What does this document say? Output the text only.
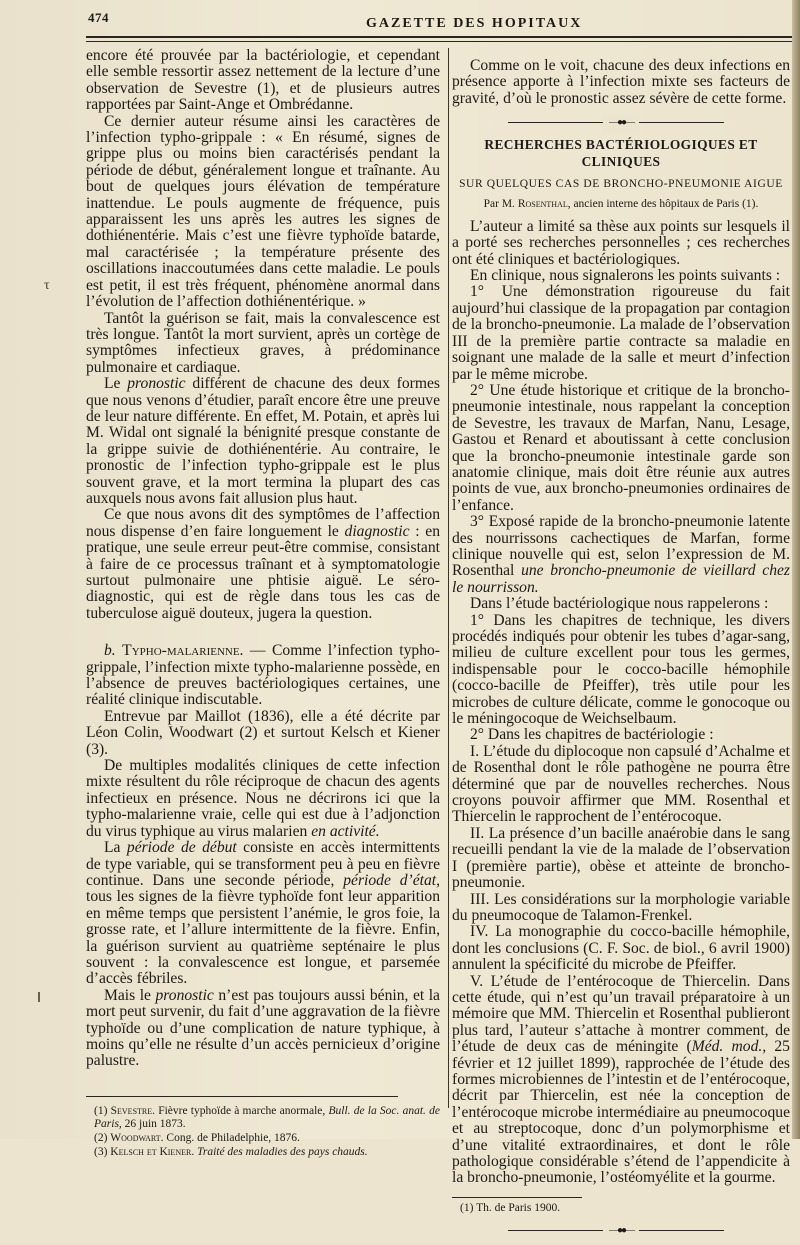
474	GAZETTE DES HOPITAUX
τ

encore été prouvée par la bactériologie, et cependant elle semble ressortir assez nettement de la lecture d’une observation de Sevestre (1), et de plusieurs autres rapportées par Saint-Ange et Ombrédanne.

Ce dernier auteur résume ainsi les caractères de l’infection typho-grippale : « En résumé, signes de grippe plus ou moins bien caractérisés pendant la période de début, généralement longue et traînante. Au bout de quelques jours élévation de température inattendue. Le pouls augmente de fréquence, puis apparaissent les uns après les autres les signes de dothiénentérie. Mais c’est une fièvre typhoïde batarde, mal caractérisée ; la température présente des oscillations inaccoutumées dans cette maladie. Le pouls est petit, il est très fréquent, phénomène anormal dans l’évolution de l’affection dothiénentérique. »

Tantôt la guérison se fait, mais la convalescence est très longue. Tantôt la mort survient, après un cortège de symptômes infectieux graves, à prédominance pulmonaire et cardiaque.

Le pronostic différent de chacune des deux formes que nous venons d’étudier, paraît encore être une preuve de leur nature différente. En effet, M. Potain, et après lui M. Widal ont signalé la bénignité presque constante de la grippe suivie de dothiénentérie. Au contraire, le pronostic de l’infection typho-grippale est le plus souvent grave, et la mort termina la plupart des cas auxquels nous avons fait allusion plus haut.

Ce que nous avons dit des symptômes de l’affection nous dispense d’en faire longuement le diagnostic : en pratique, une seule erreur peut-être commise, consistant à faire de ce processus traînant et à symptomatologie surtout pulmonaire une phtisie aiguë. Le séro-diagnostic, qui est de règle dans tous les cas de tuberculose aiguë douteux, jugera la question.

b. Typho-malarienne. — Comme l’infection typho-grippale, l’infection mixte typho-malarienne possède, en l’absence de preuves bactériologiques certaines, une réalité clinique indiscutable.

Entrevue par Maillot (1836), elle a été décrite par Léon Colin, Woodwart (2) et surtout Kelsch et Kiener (3).

De multiples modalités cliniques de cette infection mixte résultent du rôle réciproque de chacun des agents infectieux en présence. Nous ne décrirons ici que la typho-malarienne vraie, celle qui est due à l’adjonction du virus typhique au virus malarien en activité.

La période de début consiste en accès intermittents de type variable, qui se transforment peu à peu en fièvre continue. Dans une seconde période, période d’état, tous les signes de la fièvre typhoïde font leur apparition en même temps que persistent l’anémie, le gros foie, la grosse rate, et l’allure intermittente de la fièvre. Enfin, la guérison survient au quatrième septénaire le plus souvent : la convalescence est longue, et parsemée d’accès fébriles.

Mais le pronostic n’est pas toujours aussi bénin, et la mort peut survenir, du fait d’une aggravation de la fièvre typhoïde ou d’une complication de nature typhique, à moins qu’elle ne résulte d’un accès pernicieux d’origine palustre.

(1) Sevestre. Fièvre typhoïde à marche anormale, Bull. de la Soc. anat. de Paris, 26 juin 1873.

(2) Woodwart. Cong. de Philadelphie, 1876.

(3) Kelsch et Kiener. Traité des maladies des pays chauds.

Comme on le voit, chacune des deux infections en présence apporte à l’infection mixte ses facteurs de gravité, d’où le pronostic assez sévère de cette forme.

—●●—

RECHERCHES BACTÉRIOLOGIQUES ET CLINIQUES

SUR QUELQUES CAS DE BRONCHO-PNEUMONIE AIGUE

Par M. Rosenthal, ancien interne des hôpitaux de Paris (1).

L’auteur a limité sa thèse aux points sur lesquels il a porté ses recherches personnelles ; ces recherches ont été cliniques et bactériologiques.

En clinique, nous signalerons les points suivants :

1° Une démonstration rigoureuse du fait aujourd’hui classique de la propagation par contagion de la broncho-pneumonie. La malade de l’observation III de la première partie contracte sa maladie en soignant une malade de la salle et meurt d’infection par le même microbe.

2° Une étude historique et critique de la broncho-pneumonie intestinale, nous rappelant la conception de Sevestre, les travaux de Marfan, Nanu, Lesage, Gastou et Renard et aboutissant à cette conclusion que la broncho-pneumonie intestinale garde son anatomie clinique, mais doit être réunie aux autres points de vue, aux broncho-pneumonies ordinaires de l’enfance.

3° Exposé rapide de la broncho-pneumonie latente des nourrissons cachectiques de Marfan, forme clinique nouvelle qui est, selon l’expression de M. Rosenthal une broncho-pneumonie de vieillard chez le nourrisson.

Dans l’étude bactériologique nous rappelerons :

1° Dans les chapitres de technique, les divers procédés indiqués pour obtenir les tubes d’agar-sang, milieu de culture excellent pour tous les germes, indispensable pour le cocco-bacille hémophile (cocco-bacille de Pfeiffer), très utile pour les microbes de culture délicate, comme le gonocoque ou le méningocoque de Weichselbaum.

2° Dans les chapitres de bactériologie :

I. L’étude du diplocoque non capsulé d’Achalme et de Rosenthal dont le rôle pathogène ne pourra être déterminé que par de nouvelles recherches. Nous croyons pouvoir affirmer que MM. Rosenthal et Thiercelin le rapprochent de l’entérocoque.

II. La présence d’un bacille anaérobie dans le sang recueilli pendant la vie de la malade de l’observation I (première partie), obèse et atteinte de broncho-pneumonie.

III. Les considérations sur la morphologie variable du pneumocoque de Talamon-Frenkel.

IV. La monographie du cocco-bacille hémophile, dont les conclusions (C. F. Soc. de biol., 6 avril 1900) annulent la spécificité du microbe de Pfeiffer.

V. L’étude de l’entérocoque de Thiercelin. Dans cette étude, qui n’est qu’un travail préparatoire à un mémoire que MM. Thiercelin et Rosenthal publieront plus tard, l’auteur s’attache à montrer comment, de l’étude de deux cas de méningite (Méd. mod., 25 février et 12 juillet 1899), rapprochée de l’étude des formes microbiennes de l’intestin et de l’entérocoque, décrit par Thiercelin, est née la conception de l’entérocoque microbe intermédiaire au pneumocoque et au streptocoque, donc d’un polymorphisme et d’une vitalité extraordinaires, et dont le rôle pathologique considérable s’étend de l’appendicite à la broncho-pneumonie, l’ostéomyélite et la gourme.

(1) Th. de Paris 1900.

—●●—
